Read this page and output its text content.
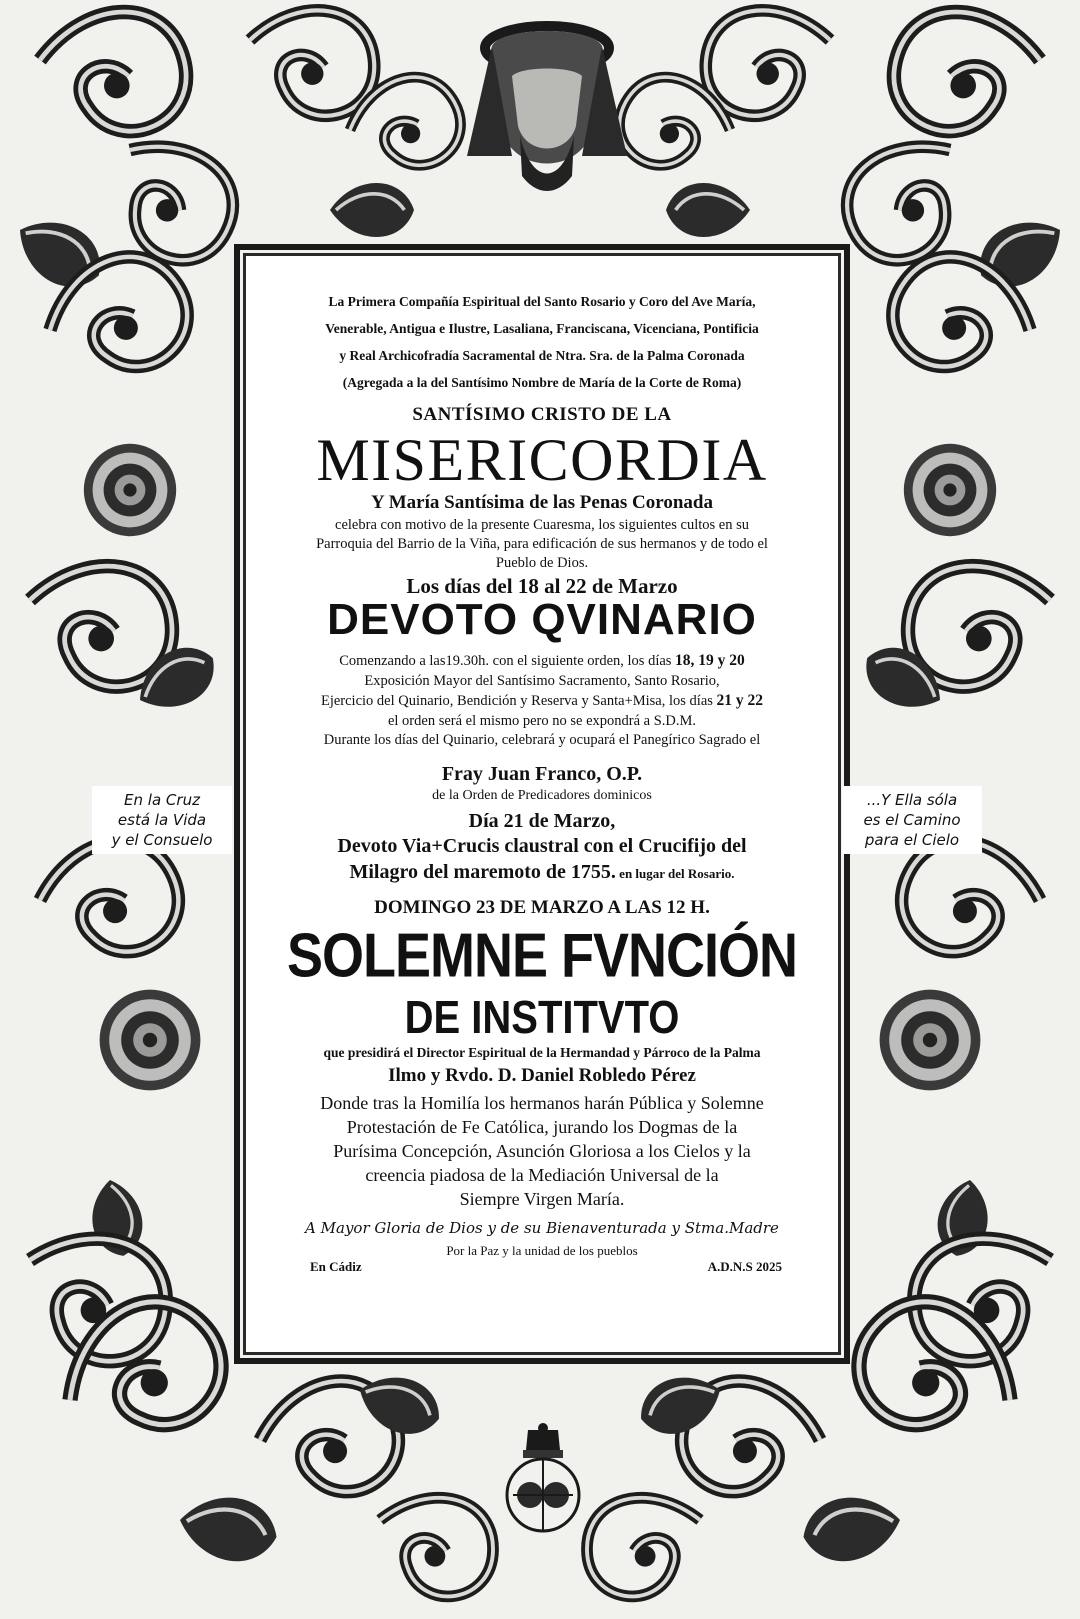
En la Cruz
está la Vida
y el Consuelo
...Y Ella sóla
es el Camino
para el Cielo
La Primera Compañía Espiritual del Santo Rosario y Coro del Ave María,
Venerable, Antigua e Ilustre, Lasaliana, Franciscana, Vicenciana, Pontificia
y Real Archicofradía Sacramental de Ntra. Sra. de la Palma Coronada
(Agregada a la del Santísimo Nombre de María de la Corte de Roma)
SANTÍSIMO CRISTO DE LA
MISERICORDIA
Y María Santísima de las Penas Coronada
celebra con motivo de la presente Cuaresma, los siguientes cultos en su
Parroquia del Barrio de la Viña, para edificación de sus hermanos y de todo el
Pueblo de Dios.
Los días del 18 al 22 de Marzo
DEVOTO QVINARIO
Comenzando a las19.30h. con el siguiente orden, los días 18, 19 y 20
Exposición Mayor del Santísimo Sacramento, Santo Rosario,
Ejercicio del Quinario, Bendición y Reserva y Santa+Misa, los días 21 y 22
el orden será el mismo pero no se expondrá a S.D.M.
Durante los días del Quinario, celebrará y ocupará el Panegírico Sagrado el
Fray Juan Franco, O.P.
de la Orden de Predicadores dominicos
Día 21 de Marzo,
Devoto Via+Crucis claustral con el Crucifijo del
Milagro del maremoto de 1755. en lugar del Rosario.
DOMINGO 23 DE MARZO A LAS 12 H.
SOLEMNE FVNCIÓN
DE INSTITVTO
que presidirá el Director Espiritual de la Hermandad y Párroco de la Palma
Ilmo y Rvdo. D. Daniel Robledo Pérez
Donde tras la Homilía los hermanos harán Pública y Solemne
Protestación de Fe Católica, jurando los Dogmas de la
Purísima Concepción, Asunción Gloriosa a los Cielos y la
creencia piadosa de la Mediación Universal de la
Siempre Virgen María.
A Mayor Gloria de Dios y de su Bienaventurada y Stma.Madre
En Cádiz
Por la Paz y la unidad de los pueblos
A.D.N.S 2025
